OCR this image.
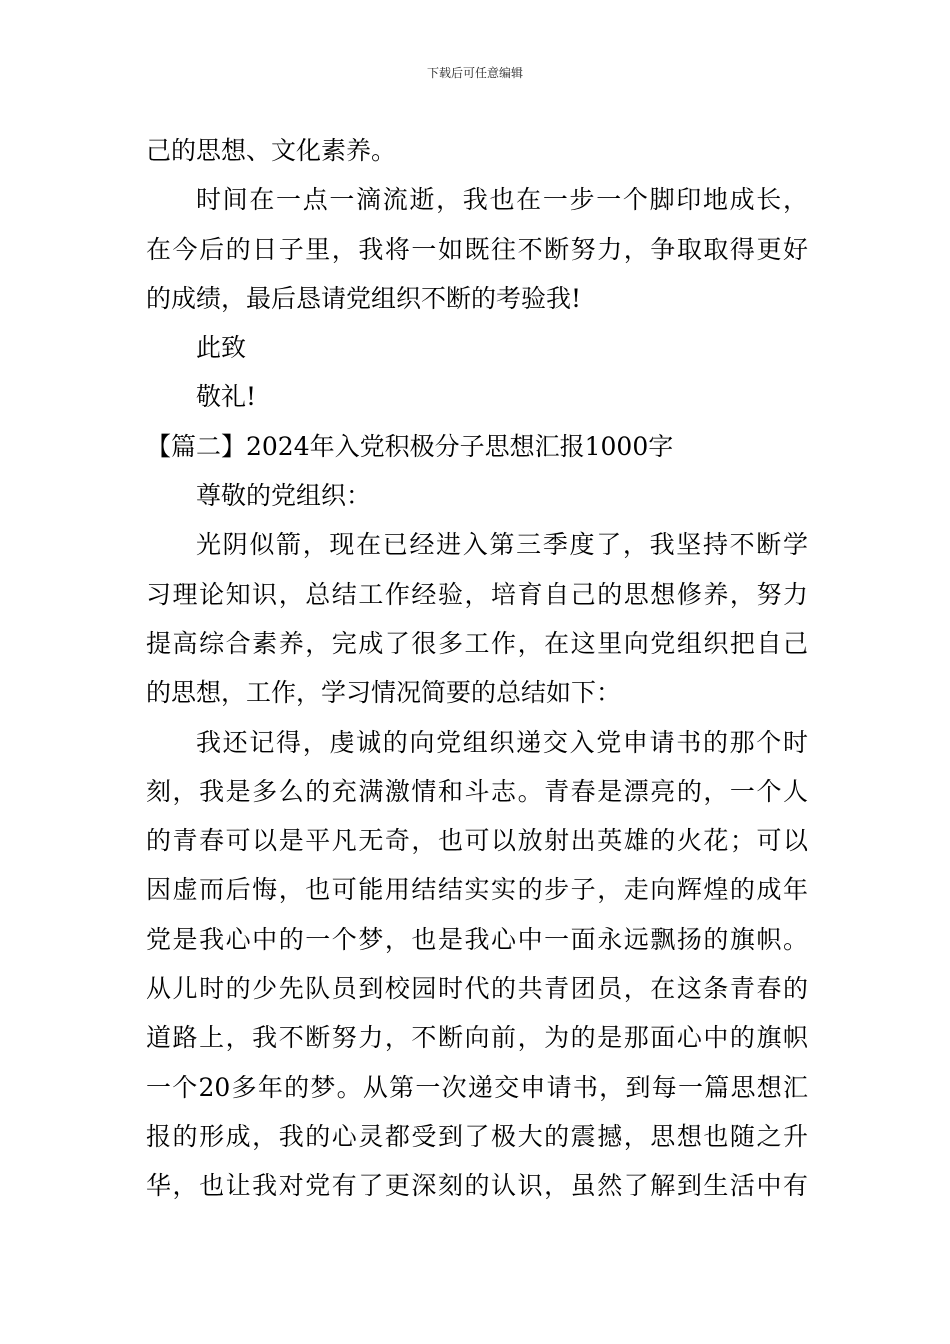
下载后可任意编辑
己的思想、文化素养。
时间在一点一滴流逝，我也在一步一个脚印地成长，
在今后的日子里，我将一如既往不断努力，争取取得更好
的成绩，最后恳请党组织不断的考验我!
此致
敬礼!
【篇二】2024年入党积极分子思想汇报1000字
尊敬的党组织：
光阴似箭，现在已经进入第三季度了，我坚持不断学
习理论知识，总结工作经验，培育自己的思想修养，努力
提高综合素养，完成了很多工作，在这里向党组织把自己
的思想，工作，学习情况简要的总结如下：
我还记得，虔诚的向党组织递交入党申请书的那个时
刻，我是多么的充满激情和斗志。青春是漂亮的，一个人
的青春可以是平凡无奇，也可以放射出英雄的火花；可以
因虚而后悔，也可能用结结实实的步子，走向辉煌的成年
党是我心中的一个梦，也是我心中一面永远飘扬的旗帜。
从儿时的少先队员到校园时代的共青团员，在这条青春的
道路上，我不断努力，不断向前，为的是那面心中的旗帜
一个20多年的梦。从第一次递交申请书，到每一篇思想汇
报的形成，我的心灵都受到了极大的震撼，思想也随之升
华，也让我对党有了更深刻的认识，虽然了解到生活中有
